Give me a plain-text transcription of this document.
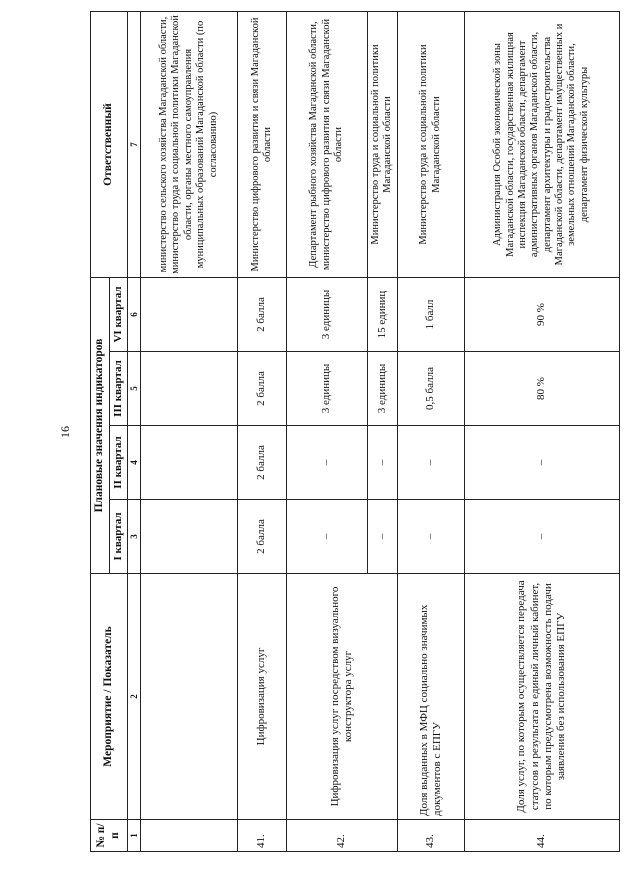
16
№ п/п	Мероприятие / Показатель	Плановые значения индикаторов				Ответственный
		I квартал	II квартал	III квартал	VI квартал	
1	2	3	4	5	6	7
						министерство сельского хозяйства Магаданской области, министерство труда и социальной политики Магаданской области, органы местного самоуправления муниципальных образований Магаданской области (по согласованию)
41.	Цифровизация услуг	2 балла	2 балла	2 балла	2 балла	Министерство цифрового развития и связи Магаданской области
42.	Цифровизация услуг посредством визуального конструктора услуг	–	–	3 единицы	3 единицы	Департамент рыбного хозяйства Магаданской области, министерство цифрового развития и связи Магаданской области
		–	–	3 единицы	15 единиц	Министерство труда и социальной политики Магаданской области
43.	Доля выданных в МФЦ социально значимых документов с ЕПГУ	–	–	0,5 балла	1 балл	Министерство труда и социальной политики Магаданской области
44.	Доля услуг, по которым осуществляется передача статусов и результата в единый личный кабинет, по которым предусмотрена возможность подачи заявления без использования ЕПГУ	–	–	80 %	90 %	Администрация Особой экономической зоны Магаданской области, государственная жилищная инспекция Магаданской области, департамент административных органов Магаданской области, департамент архитектуры и градостроительства Магаданской области, департамент имущественных и земельных отношений Магаданской области, департамент физической культуры
